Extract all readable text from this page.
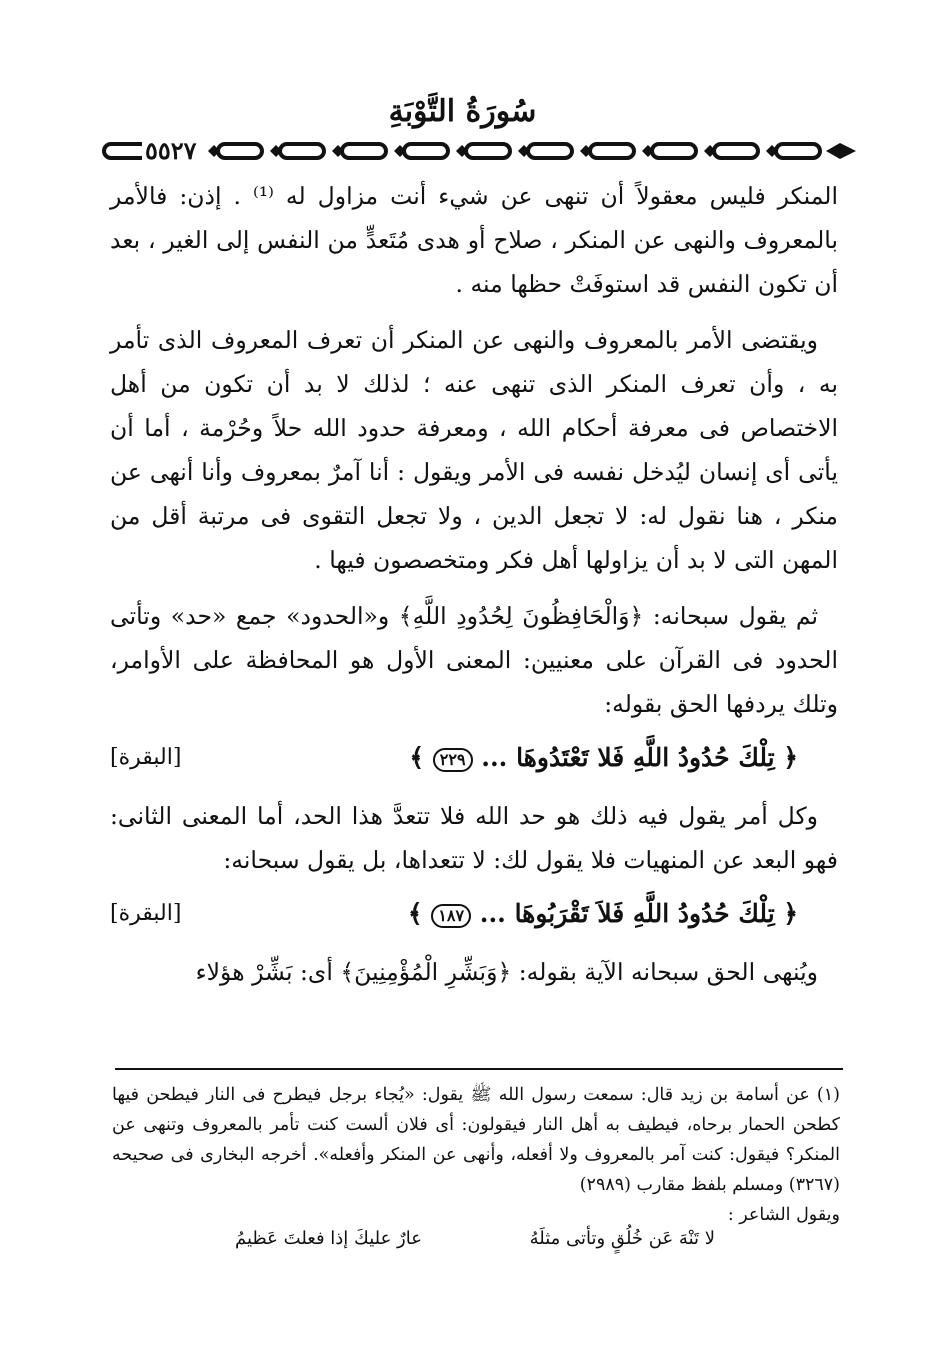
سُورَةُ التَّوْبَةِ
٥٥٢٧

المنكر فليس معقولاً أن تنهى عن شيء أنت مزاول له ⁽¹⁾ . إذن: فالأمر بالمعروف والنهى عن المنكر ، صلاح أو هدى مُتَعدٍّ من النفس إلى الغير ، بعد أن تكون النفس قد استوفَتْ حظها منه .

ويقتضى الأمر بالمعروف والنهى عن المنكر أن تعرف المعروف الذى تأمر به ، وأن تعرف المنكر الذى تنهى عنه ؛ لذلك لا بد أن تكون من أهل الاختصاص فى معرفة أحكام الله ، ومعرفة حدود الله حلاً وحُرْمة ، أما أن يأتى أى إنسان ليُدخل نفسه فى الأمر ويقول : أنا آمرٌ بمعروف وأنا أنهى عن منكر ، هنا نقول له: لا تجعل الدين ، ولا تجعل التقوى فى مرتبة أقل من المهن التى لا بد أن يزاولها أهل فكر ومتخصصون فيها .

ثم يقول سبحانه: ﴿وَالْحَافِظُونَ لِحُدُودِ اللَّهِ﴾ و«الحدود» جمع «حد» وتأتى الحدود فى القرآن على معنيين: المعنى الأول هو المحافظة على الأوامر، وتلك يردفها الحق بقوله:

﴿ تِلْكَ حُدُودُ اللَّهِ فَلا تَعْتَدُوهَا ... ٢٢٩ ﴾
[البقرة]

وكل أمر يقول فيه ذلك هو حد الله فلا تتعدَّ هذا الحد، أما المعنى الثانى: فهو البعد عن المنهيات فلا يقول لك: لا تتعداها، بل يقول سبحانه:

﴿ تِلْكَ حُدُودُ اللَّهِ فَلاَ تَقْرَبُوهَا ... ١٨٧ ﴾
[البقرة]

ويُنهى الحق سبحانه الآية بقوله: ﴿وَبَشِّرِ الْمُؤْمِنِينَ﴾ أى: بَشِّرْ هؤلاء

(١) عن أسامة بن زيد قال: سمعت رسول الله ﷺ يقول: «يُجاء برجل فيطرح فى النار فيطحن فيها كطحن الحمار برحاه، فيطيف به أهل النار فيقولون: أى فلان ألست كنت تأمر بالمعروف وتنهى عن المنكر؟ فيقول: كنت آمر بالمعروف ولا أفعله، وأنهى عن المنكر وأفعله». أخرجه البخارى فى صحيحه (٣٢٦٧) ومسلم بلفظ مقارب (٢٩٨٩)

ويقول الشاعر :

لا تَنْهَ عَن خُلُقٍ وتأتى مثلَهُ
عارٌ عليكَ إذا فعلتَ عَظيمُ
